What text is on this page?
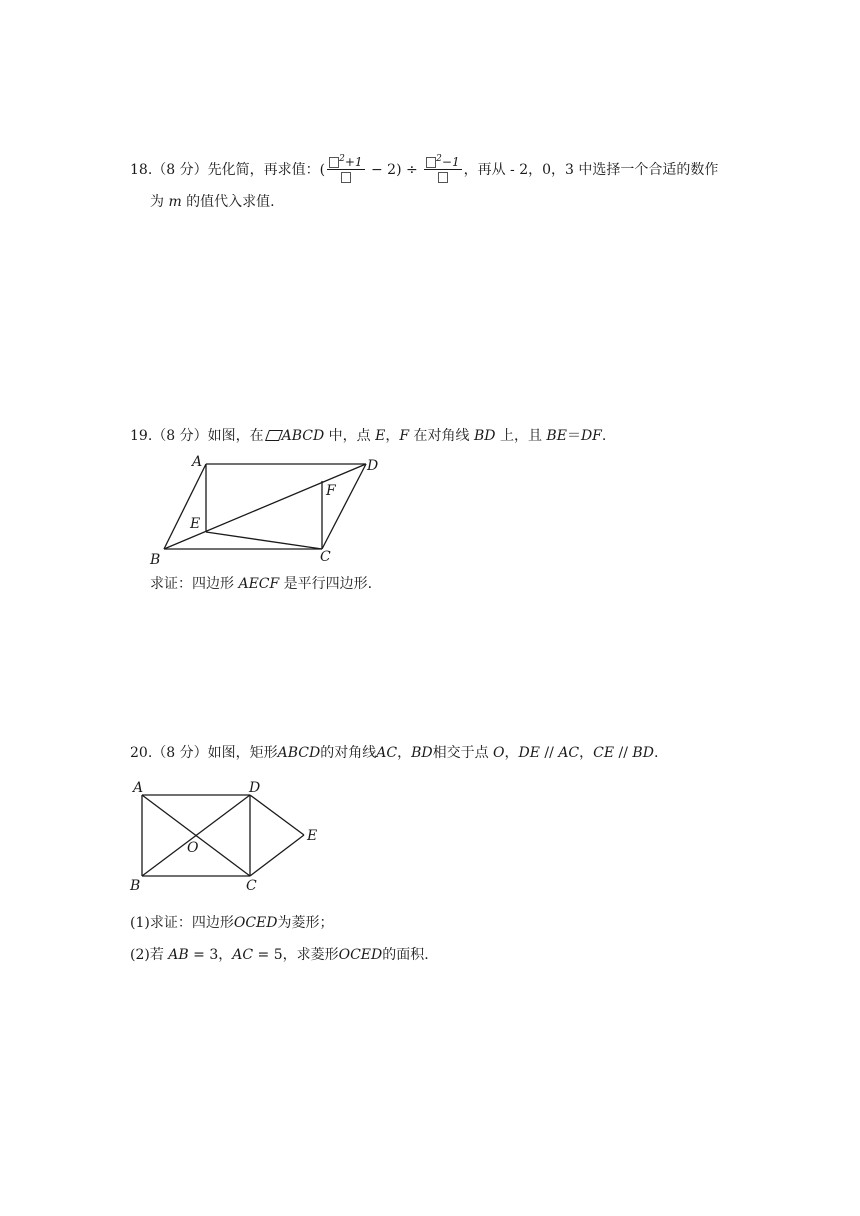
18.（8 分）先化简，再求值：(
$^2$+1 − 2) ÷
$^2$−1 ，再从 - 2，0，3 中选择一个合适的数作
为 m 的值代入求值.
19.（8 分）如图，在 ABCD 中，点 E，F 在对角线 BD 上，且 BE＝DF.
A	D
F
E
B	C
求证：四边形 AECF 是平行四边形.
20.（8 分）如图，矩形ABCD的对角线AC，BD相交于点 O，DE // AC，CE // BD.
A	D
E
O
B	C
(1)求证：四边形OCED为菱形；
(2)若 AB = 3，AC = 5，求菱形OCED的面积.
